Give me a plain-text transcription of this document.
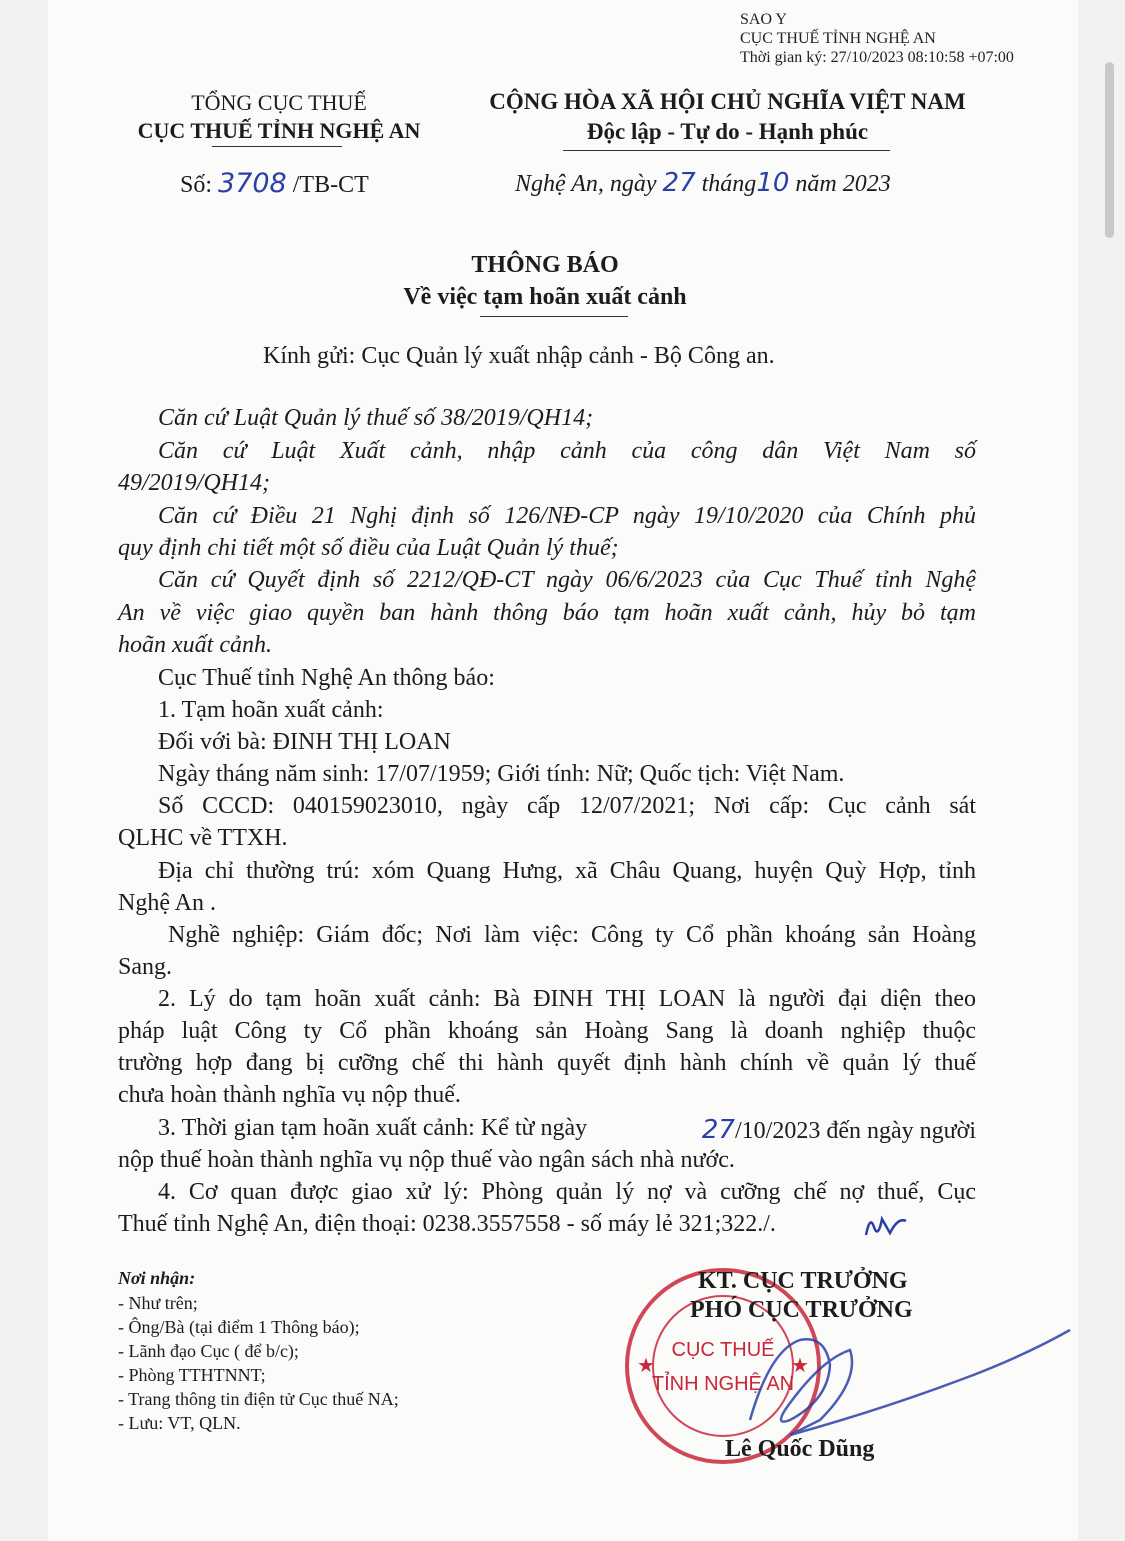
SAO Y
CỤC THUẾ TỈNH NGHỆ AN
Thời gian ký: 27/10/2023 08:10:58 +07:00
TỔNG CỤC THUẾ
CỤC THUẾ TỈNH NGHỆ AN
Số: 3708 /TB-CT
CỘNG HÒA XÃ HỘI CHỦ NGHĨA VIỆT NAM
Độc lập - Tự do - Hạnh phúc
Nghệ An, ngày 27 tháng10 năm 2023
THÔNG BÁO
Về việc tạm hoãn xuất cảnh
Kính gửi: Cục Quản lý xuất nhập cảnh - Bộ Công an.
Căn cứ Luật Quản lý thuế số 38/2019/QH14;
Căn cứ Luật Xuất cảnh, nhập cảnh của công dân Việt Nam số
49/2019/QH14;
Căn cứ Điều 21 Nghị định số 126/NĐ-CP ngày 19/10/2020 của Chính phủ
quy định chi tiết một số điều của Luật Quản lý thuế;
Căn cứ Quyết định số 2212/QĐ-CT ngày 06/6/2023 của Cục Thuế tỉnh Nghệ
An về việc giao quyền ban hành thông báo tạm hoãn xuất cảnh, hủy bỏ tạm
hoãn xuất cảnh.
Cục Thuế tỉnh Nghệ An thông báo:
1. Tạm hoãn xuất cảnh:
Đối với bà: ĐINH THỊ LOAN
Ngày tháng năm sinh: 17/07/1959; Giới tính: Nữ; Quốc tịch: Việt Nam.
Số CCCD: 040159023010, ngày cấp 12/07/2021; Nơi cấp: Cục cảnh sát
QLHC về TTXH.
Địa chỉ thường trú: xóm Quang Hưng, xã Châu Quang, huyện Quỳ Hợp, tỉnh
Nghệ An .
Nghề nghiệp: Giám đốc; Nơi làm việc: Công ty Cổ phần khoáng sản Hoàng
Sang.
2. Lý do tạm hoãn xuất cảnh: Bà ĐINH THỊ LOAN là người đại diện theo
pháp luật Công ty Cổ phần khoáng sản Hoàng Sang là doanh nghiệp thuộc
trường hợp đang bị cưỡng chế thi hành quyết định hành chính về quản lý thuế
chưa hoàn thành nghĩa vụ nộp thuế.
3. Thời gian tạm hoãn xuất cảnh: Kể từ ngày	27/10/2023 đến ngày người
nộp thuế hoàn thành nghĩa vụ nộp thuế vào ngân sách nhà nước.
4. Cơ quan được giao xử lý: Phòng quản lý nợ và cưỡng chế nợ thuế, Cục
Thuế tỉnh Nghệ An, điện thoại: 0238.3557558 - số máy lẻ 321;322./.
Nơi nhận:
- Như trên;
- Ông/Bà (tại điểm 1 Thông báo);
- Lãnh đạo Cục ( để b/c);
- Phòng TTHTNNT;
- Trang thông tin điện tử Cục thuế NA;
- Lưu: VT, QLN.
★	★
CỤC THUẾ
TỈNH NGHỆ AN
KT. CỤC TRƯỞNG
PHÓ CỤC TRƯỞNG
Lê Quốc Dũng
